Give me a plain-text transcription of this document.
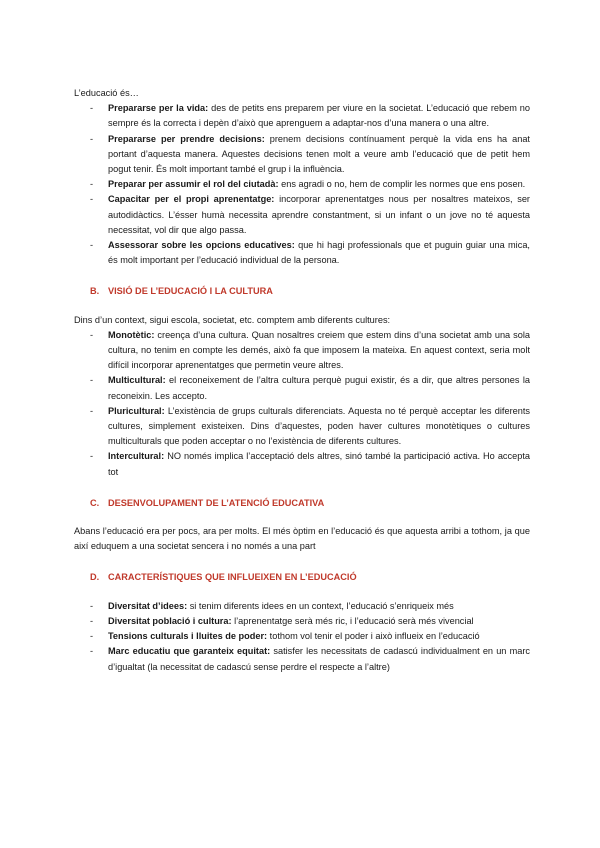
L’educació és…

- Prepararse per la vida: des de petits ens preparem per viure en la societat. L’educació que rebem no sempre és la correcta i depèn d’això que aprenguem a adaptar-nos d’una manera o una altre.
- Prepararse per prendre decisions: prenem decisions contínuament perquè la vida ens ha anat portant d’aquesta manera. Aquestes decisions tenen molt a veure amb l’educació que de petit hem pogut tenir. És molt important també el grup i la influència.
- Preparar per assumir el rol del ciutadà: ens agradi o no, hem de complir les normes que ens posen.
- Capacitar per el propi aprenentatge: incorporar aprenentatges nous per nosaltres mateixos, ser autodidàctics. L’ésser humà necessita aprendre constantment, si un infant o un jove no té aquesta necessitat, vol dir que algo passa.
- Assessorar sobre les opcions educatives: que hi hagi professionals que et puguin guiar una mica, és molt important per l’educació individual de la persona.
B. VISIÓ DE L’EDUCACIÓ I LA CULTURA

Dins d’un context, sigui escola, societat, etc. comptem amb diferents cultures:

- Monotètic: creença d’una cultura. Quan nosaltres creiem que estem dins d’una societat amb una sola cultura, no tenim en compte les demés, això fa que imposem la mateixa. En aquest context, seria molt difícil incorporar aprenentatges que permetin veure altres.
- Multicultural: el reconeixement de l’altra cultura perquè pugui existir, és a dir, que altres persones la reconeixin. Les accepto.
- Pluricultural: L’existència de grups culturals diferenciats. Aquesta no té perquè acceptar les diferents cultures, simplement existeixen. Dins d’aquestes, poden haver cultures monotètiques o cultures multiculturals que poden acceptar o no l’existència de diferents cultures.
- Intercultural: NO només implica l’acceptació dels altres, sinó també la participació activa. Ho accepta tot
C. DESENVOLUPAMENT DE L’ATENCIÓ EDUCATIVA

Abans l’educació era per pocs, ara per molts. El més òptim en l’educació és que aquesta arribi a tothom, ja que així eduquem a una societat sencera i no només a una part

D. CARACTERÍSTIQUES QUE INFLUEIXEN EN L’EDUCACIÓ
- Diversitat d’idees: si tenim diferents idees en un context, l’educació s’enriqueix més
- Diversitat població i cultura: l’aprenentatge serà més ric, i l’educació serà més vivencial
- Tensions culturals i lluites de poder: tothom vol tenir el poder i això influeix en l’educació
- Marc educatiu que garanteix equitat: satisfer les necessitats de cadascú individualment en un marc d’igualtat (la necessitat de cadascú sense perdre el respecte a l’altre)
